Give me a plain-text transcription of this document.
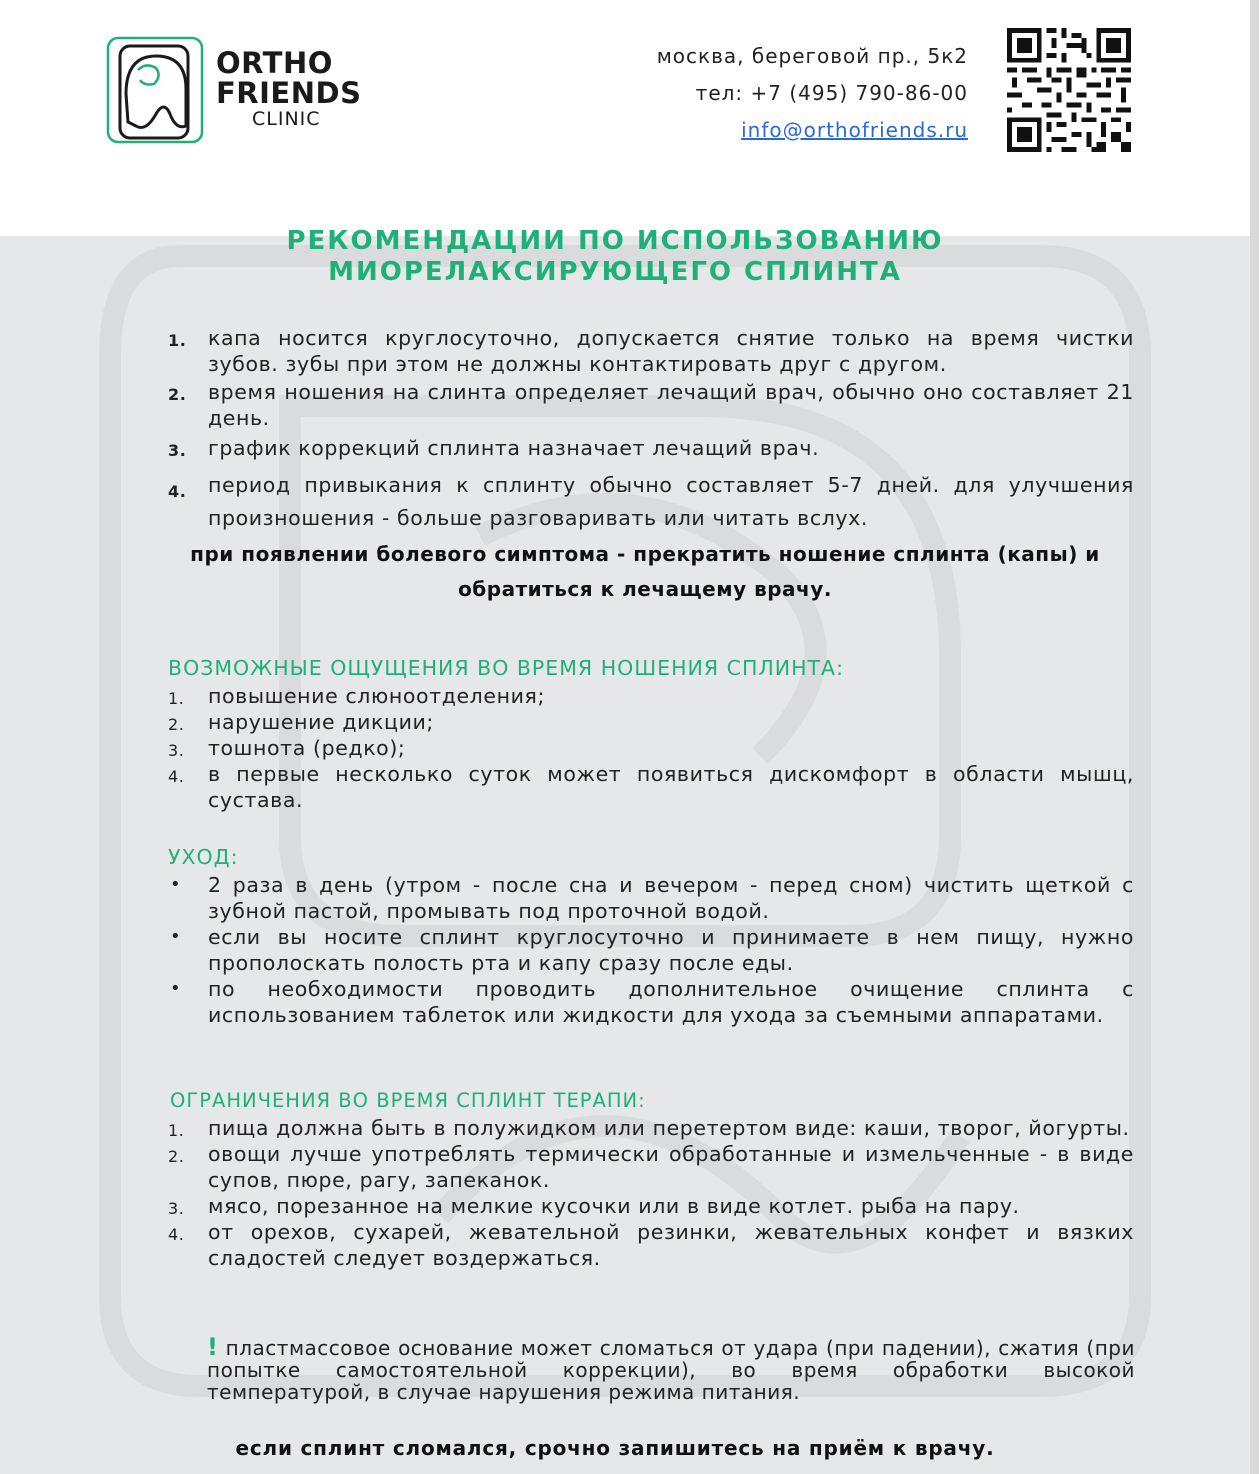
ORTHO
FRIENDS
CLINIC
москва, береговой пр., 5к2
тел: +7 (495) 790-86-00
info@orthofriends.ru
РЕКОМЕНДАЦИИ ПО ИСПОЛЬЗОВАНИЮ
МИОРЕЛАКСИРУЮЩЕГО СПЛИНТА
1. капа носится круглосуточно, допускается снятие только на время чистки зубов. зубы при этом не должны контактировать друг с другом.
2. время ношения на слинта определяет лечащий врач, обычно оно составляет 21 день.
3. график коррекций сплинта назначает лечащий врач.
4. период привыкания к сплинту обычно составляет 5-7 дней. для улучшения произношения - больше разговаривать или читать вслух.
при появлении болевого симптома - прекратить ношение сплинта (капы) и
обратиться к лечащему врачу.
ВОЗМОЖНЫЕ ОЩУЩЕНИЯ ВО ВРЕМЯ НОШЕНИЯ СПЛИНТА:
1. повышение слюноотделения;
2. нарушение дикции;
3. тошнота (редко);
4. в первые несколько суток может появиться дискомфорт в области мышц, сустава.
УХОД:
• 2 раза в день (утром - после сна и вечером - перед сном) чистить щеткой с зубной пастой, промывать под проточной водой.
• если вы носите сплинт круглосуточно и принимаете в нем пищу, нужно прополоскать полость рта и капу сразу после еды.
• по необходимости проводить дополнительное очищение сплинта с использованием таблеток или жидкости для ухода за съемными аппаратами.
ОГРАНИЧЕНИЯ ВО ВРЕМЯ СПЛИНТ ТЕРАПИ:
1. пища должна быть в полужидком или перетертом виде: каши, творог, йогурты.
2. овощи лучше употреблять термически обработанные и измельченные - в виде супов, пюре, рагу, запеканок.
3. мясо, порезанное на мелкие кусочки или в виде котлет. рыба на пару.
4. от орехов, сухарей, жевательной резинки, жевательных конфет и вязких сладостей следует воздержаться.
! пластмассовое основание может сломаться от удара (при падении), сжатия (при попытке самостоятельной коррекции), во время обработки высокой температурой, в случае нарушения режима питания.
если сплинт сломался, срочно запишитесь на приём к врачу.
